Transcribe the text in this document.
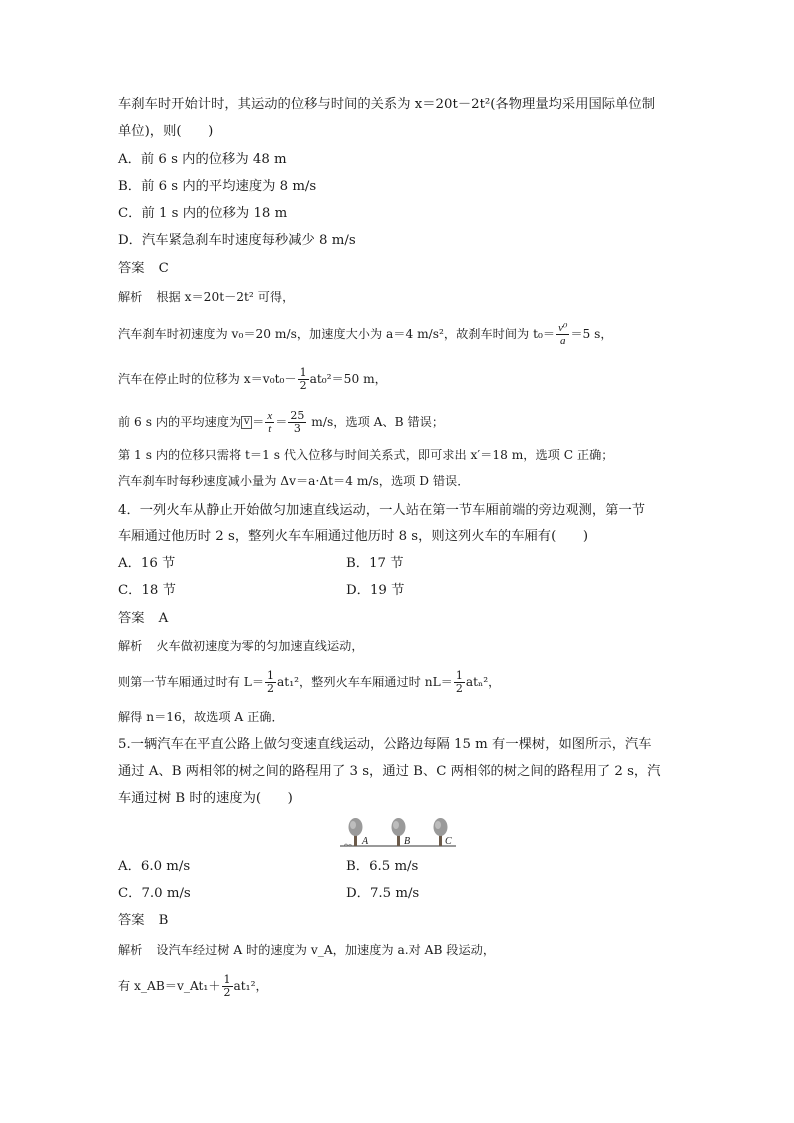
车刹车时开始计时，其运动的位移与时间的关系为 x＝20t－2t²(各物理量均采用国际单位制
单位)，则(　　)
A．前 6 s 内的位移为 48 m
B．前 6 s 内的平均速度为 8 m/s
C．前 1 s 内的位移为 18 m
D．汽车紧急刹车时速度每秒减少 8 m/s
答案 C
解析 根据 x＝20t－2t² 可得，
汽车刹车时初速度为 v₀＝20 m/s，加速度大小为 a＝4 m/s²，故刹车时间为 $t_0= \frac{\text{v⁰}}{a} =5$ s，
汽车在停止时的位移为 $x=v_0t_0- \frac{1}{2} at_0^2=50$ m，
前 6 s 内的平均速度为 $v = \frac{x}{t} = \frac{25}{3} m/s$，选项 A、B 错误；
第 1 s 内的位移只需将 t＝1 s 代入位移与时间关系式，即可求出 x′＝18 m，选项 C 正确；
汽车刹车时每秒速度减小量为 Δv＝a·Δt＝4 m/s，选项 D 错误．
4．一列火车从静止开始做匀加速直线运动，一人站在第一节车厢前端的旁边观测，第一节
车厢通过他历时 2 s，整列火车车厢通过他历时 8 s，则这列火车的车厢有(　　)
A．16 节	B．17 节
C．18 节	D．19 节
答案 A
解析 火车做初速度为零的匀加速直线运动，
则第一节车厢通过时有 $L= \frac{1}{2} at_1^2$，整列火车车厢通过时 $nL= \frac{1}{2} at_n^2$，
解得 n＝16，故选项 A 正确．
5.一辆汽车在平直公路上做匀变速直线运动，公路边每隔 15 m 有一棵树，如图所示，汽车
通过 A、B 两相邻的树之间的路程用了 3 s，通过 B、C 两相邻的树之间的路程用了 2 s，汽
车通过树 B 时的速度为(　　)
A	B	C
A．6.0 m/s	B．6.5 m/s
C．7.0 m/s	D．7.5 m/s
答案 B
解析 设汽车经过树 A 时的速度为 v_A，加速度为 a.对 AB 段运动，
有 x_AB＝v_At₁＋ $\frac{1}{2} at_1^2$，
